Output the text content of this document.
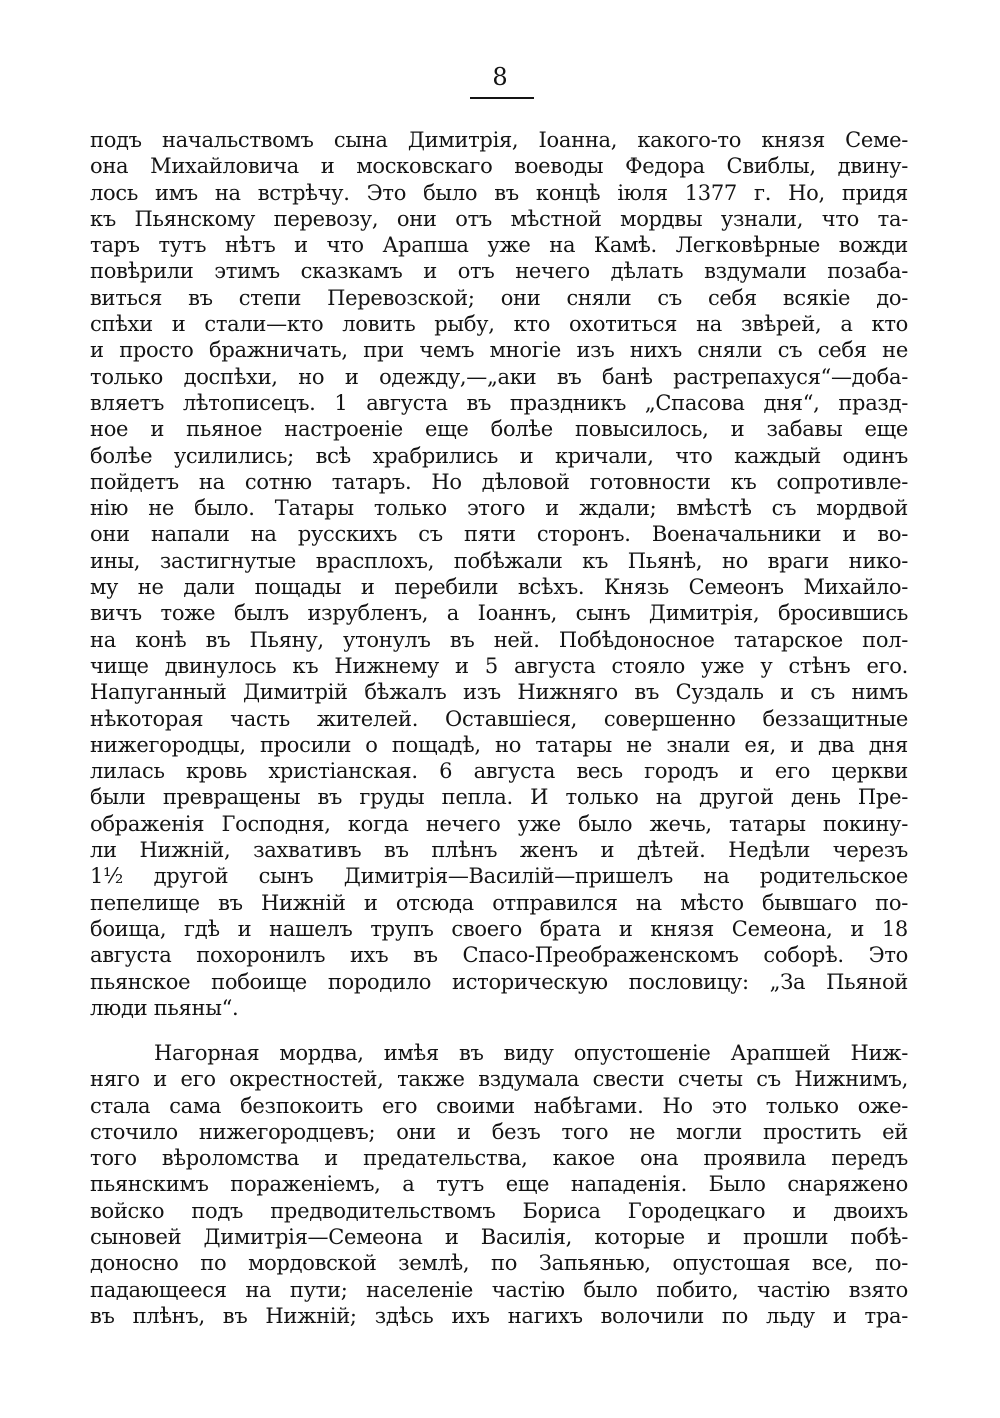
8
подъ начальствомъ сына Димитрія, Іоанна, какого-то князя Семе-
она Михайловича и московскаго воеводы Федора Свиблы, двину-
лось имъ на встрѣчу. Это было въ концѣ іюля 1377 г. Но, придя
къ Пьянскому перевозу, они отъ мѣстной мордвы узнали, что та-
таръ тутъ нѣтъ и что Арапша уже на Камѣ. Легковѣрные вожди
повѣрили этимъ сказкамъ и отъ нечего дѣлать вздумали позаба-
виться въ степи Перевозской; они сняли съ себя всякіе до-
спѣхи и стали—кто ловить рыбу, кто охотиться на звѣрей, а кто
и просто бражничать, при чемъ многіе изъ нихъ сняли съ себя не
только доспѣхи, но и одежду,—„аки въ банѣ растрепахуся“—доба-
вляетъ лѣтописецъ. 1 августа въ праздникъ „Спасова дня“, празд-
ное и пьяное настроеніе еще болѣе повысилось, и забавы еще
болѣе усилились; всѣ храбрились и кричали, что каждый одинъ
пойдетъ на сотню татаръ. Но дѣловой готовности къ сопротивле-
нію не было. Татары только этого и ждали; вмѣстѣ съ мордвой
они напали на русскихъ съ пяти сторонъ. Военачальники и во-
ины, застигнутые врасплохъ, побѣжали къ Пьянѣ, но враги нико-
му не дали пощады и перебили всѣхъ. Князь Семеонъ Михайло-
вичъ тоже былъ изрубленъ, а Іоаннъ, сынъ Димитрія, бросившись
на конѣ въ Пьяну, утонулъ въ ней. Побѣдоносное татарское пол-
чище двинулось къ Нижнему и 5 августа стояло уже у стѣнъ его.
Напуганный Димитрій бѣжалъ изъ Нижняго въ Суздаль и съ нимъ
нѣкоторая часть жителей. Оставшіеся, совершенно беззащитные
нижегородцы, просили о пощадѣ, но татары не знали ея, и два дня
лилась кровь христіанская. 6 августа весь городъ и его церкви
были превращены въ груды пепла. И только на другой день Пре-
ображенія Господня, когда нечего уже было жечь, татары покину-
ли Нижній, захвативъ въ плѣнъ женъ и дѣтей. Недѣли черезъ
1½ другой сынъ Димитрія—Василій—пришелъ на родительское
пепелище въ Нижній и отсюда отправился на мѣсто бывшаго по-
боища, гдѣ и нашелъ трупъ своего брата и князя Семеона, и 18
августа похоронилъ ихъ въ Спасо-Преображенскомъ соборѣ. Это
пьянское побоище породило историческую пословицу: „За Пьяной
люди пьяны“.
Нагорная мордва, имѣя въ виду опустошеніе Арапшей Ниж-
няго и его окрестностей, также вздумала свести счеты съ Нижнимъ,
стала сама безпокоить его своими набѣгами. Но это только оже-
сточило нижегородцевъ; они и безъ того не могли простить ей
того вѣроломства и предательства, какое она проявила передъ
пьянскимъ пораженіемъ, а тутъ еще нападенія. Было снаряжено
войско подъ предводительствомъ Бориса Городецкаго и двоихъ
сыновей Димитрія—Семеона и Василія, которые и прошли побѣ-
доносно по мордовской землѣ, по Запьянью, опустошая все, по-
падающееся на пути; населеніе частію было побито, частію взято
въ плѣнъ, въ Нижній; здѣсь ихъ нагихъ волочили по льду и тра-
